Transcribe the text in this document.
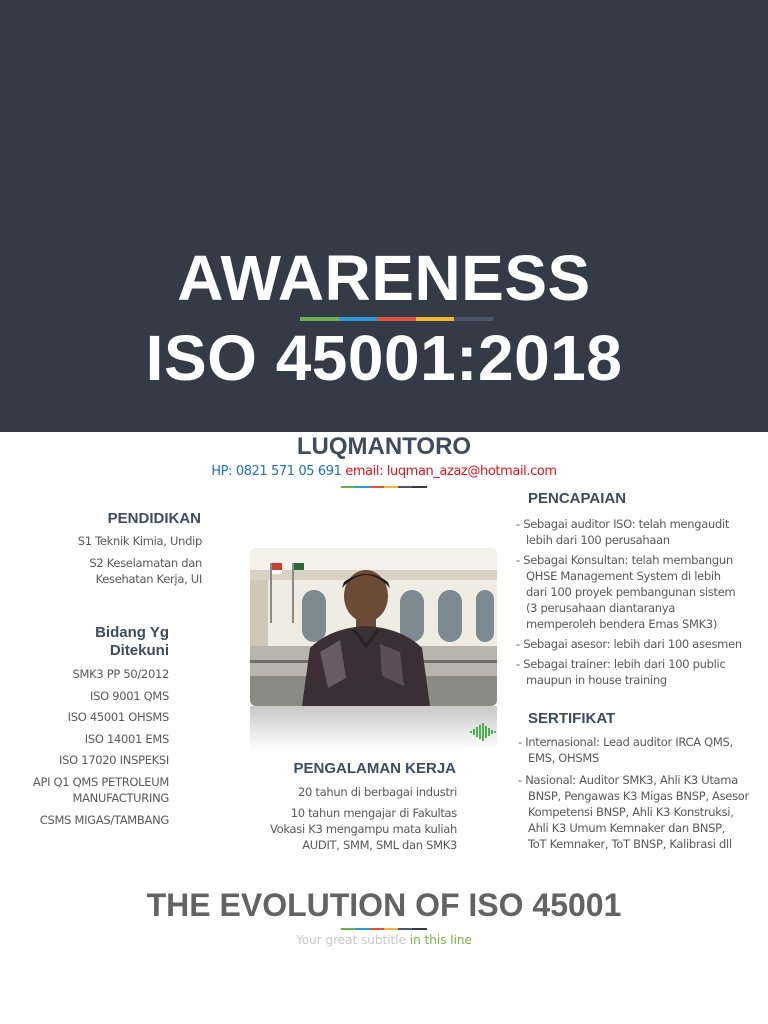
AWARENESS
ISO 45001:2018
LUQMANTORO
HP: 0821 571 05 691 email: luqman_azaz@hotmail.com
PENDIDIKAN
S1 Teknik Kimia, Undip
S2 Keselamatan dan
Kesehatan Kerja, UI
Bidang Yg
Ditekuni
SMK3 PP 50/2012
ISO 9001 QMS
ISO 45001 OHSMS
ISO 14001 EMS
ISO 17020 INSPEKSI
API Q1 QMS PETROLEUM
MANUFACTURING
CSMS MIGAS/TAMBANG
PENGALAMAN KERJA
20 tahun di berbagai industri
10 tahun mengajar di Fakultas
Vokasi K3 mengampu mata kuliah
AUDIT, SMM, SML dan SMK3
PENCAPAIAN
- Sebagai auditor ISO: telah mengaudit
lebih dari 100 perusahaan
- Sebagai Konsultan: telah membangun
QHSE Management System di lebih
dari 100 proyek pembangunan sistem
(3 perusahaan diantaranya
memperoleh bendera Emas SMK3)
- Sebagai asesor: lebih dari 100 asesmen
- Sebagai trainer: lebih dari 100 public
maupun in house training
SERTIFIKAT
- Internasional: Lead auditor IRCA QMS,
EMS, OHSMS
- Nasional: Auditor SMK3, Ahli K3 Utama
BNSP, Pengawas K3 Migas BNSP, Asesor
Kompetensi BNSP, Ahli K3 Konstruksi,
Ahli K3 Umum Kemnaker dan BNSP,
ToT Kemnaker, ToT BNSP, Kalibrasi dll
THE EVOLUTION OF ISO 45001
Your great subtitle in this line
